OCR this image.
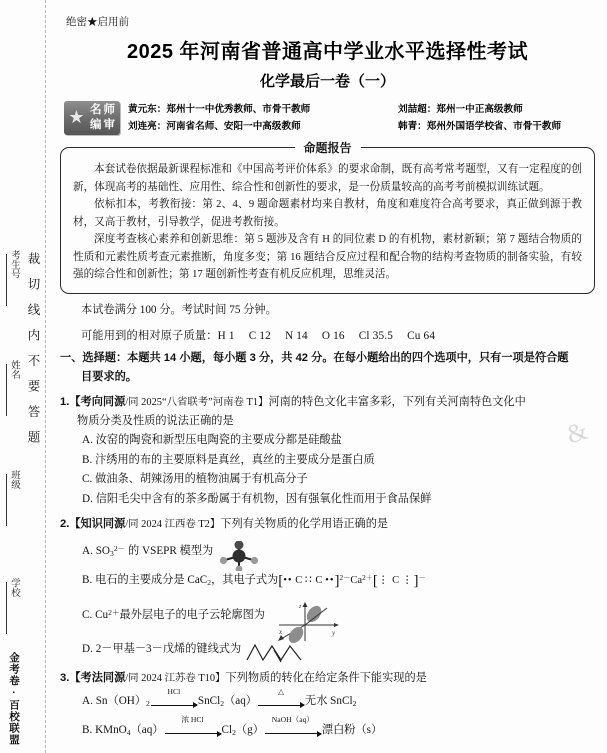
考生号
姓名
班级
学校
裁切线内不要答题
金考卷·百校联盟
绝密★启用前
2025 年河南省普通高中学业水平选择性考试
化学最后一卷（一）
★ 名师
编审
黄元东：郑州十一中优秀教师、市骨干教师
刘连亮：河南省名师、安阳一中高级教师
刘喆超：郑州一中正高级教师
韩青：郑州外国语学校省、市骨干教师
命题报告

本套试卷依据最新课程标准和《中国高考评价体系》的要求命制，既有高考常考题型，又有一定程度的创新，体现高考的基础性、应用性、综合性和创新性的要求，是一份质量较高的高考考前模拟训练试题。

依标扣本，考教衔接：第 2、4、9 题命题素材均来自教材，角度和难度符合高考要求，真正做到源于教材，又高于教材，引导教学，促进考教衔接。

深度考查核心素养和创新思维：第 5 题涉及含有 H 的同位素 D 的有机物，素材新颖；第 7 题结合物质的性质和元素性质考查元素推断，角度多变；第 16 题结合反应过程和配合物的结构考查物质的制备实验，有较强的综合性和创新性；第 17 题创新性考查有机反应机理，思维灵活。

本试卷满分 100 分。考试时间 75 分钟。
可能用到的相对原子质量：H 1 C 12 N 14 O 16 Cl 35.5 Cu 64
一、选择题：本题共 14 小题，每小题 3 分，共 42 分。在每小题给出的四个选项中，只有一项是符合题
目要求的。
1.【考向同源/同 2025“八省联考”河南卷 T1】河南的特色文化丰富多彩，下列有关河南特色文化中
物质分类及性质的说法正确的是
A. 汝窑的陶瓷和新型压电陶瓷的主要成分都是硅酸盐
B. 汴绣用的布的主要原料是真丝，真丝的主要成分是蛋白质
C. 做油条、胡辣汤用的植物油属于有机高分子
D. 信阳毛尖中含有的茶多酚属于有机物，因有强氧化性而用于食品保鲜
2.【知识同源/同 2024 江西卷 T2】下列有关物质的化学用语正确的是
A. $SO_3^{2-}$ 的 VSEPR 模型为
B. 电石的主要成分是 CaC$_2$，其电子式为[•• C ∷ C $••]^{2-}Ca^{2+}[⋮$ C ⋮]－
C. $Cu^{2+}$最外层电子的电子云轮廓图为
y
z
x
D. 2－甲基－3－戊烯的键线式为
3.【考法同源/同 2024 江苏卷 T10】下列物质的转化在给定条件下能实现的是
A. $Sn(OH)_2$
HCl
SnCl$_2$（aq）
△
无水 SnCl$_2$
B. KMnO$_4$（aq）
浓 HCl
$Cl_2(g)$
NaOH（aq）
漂白粉（s）
&
